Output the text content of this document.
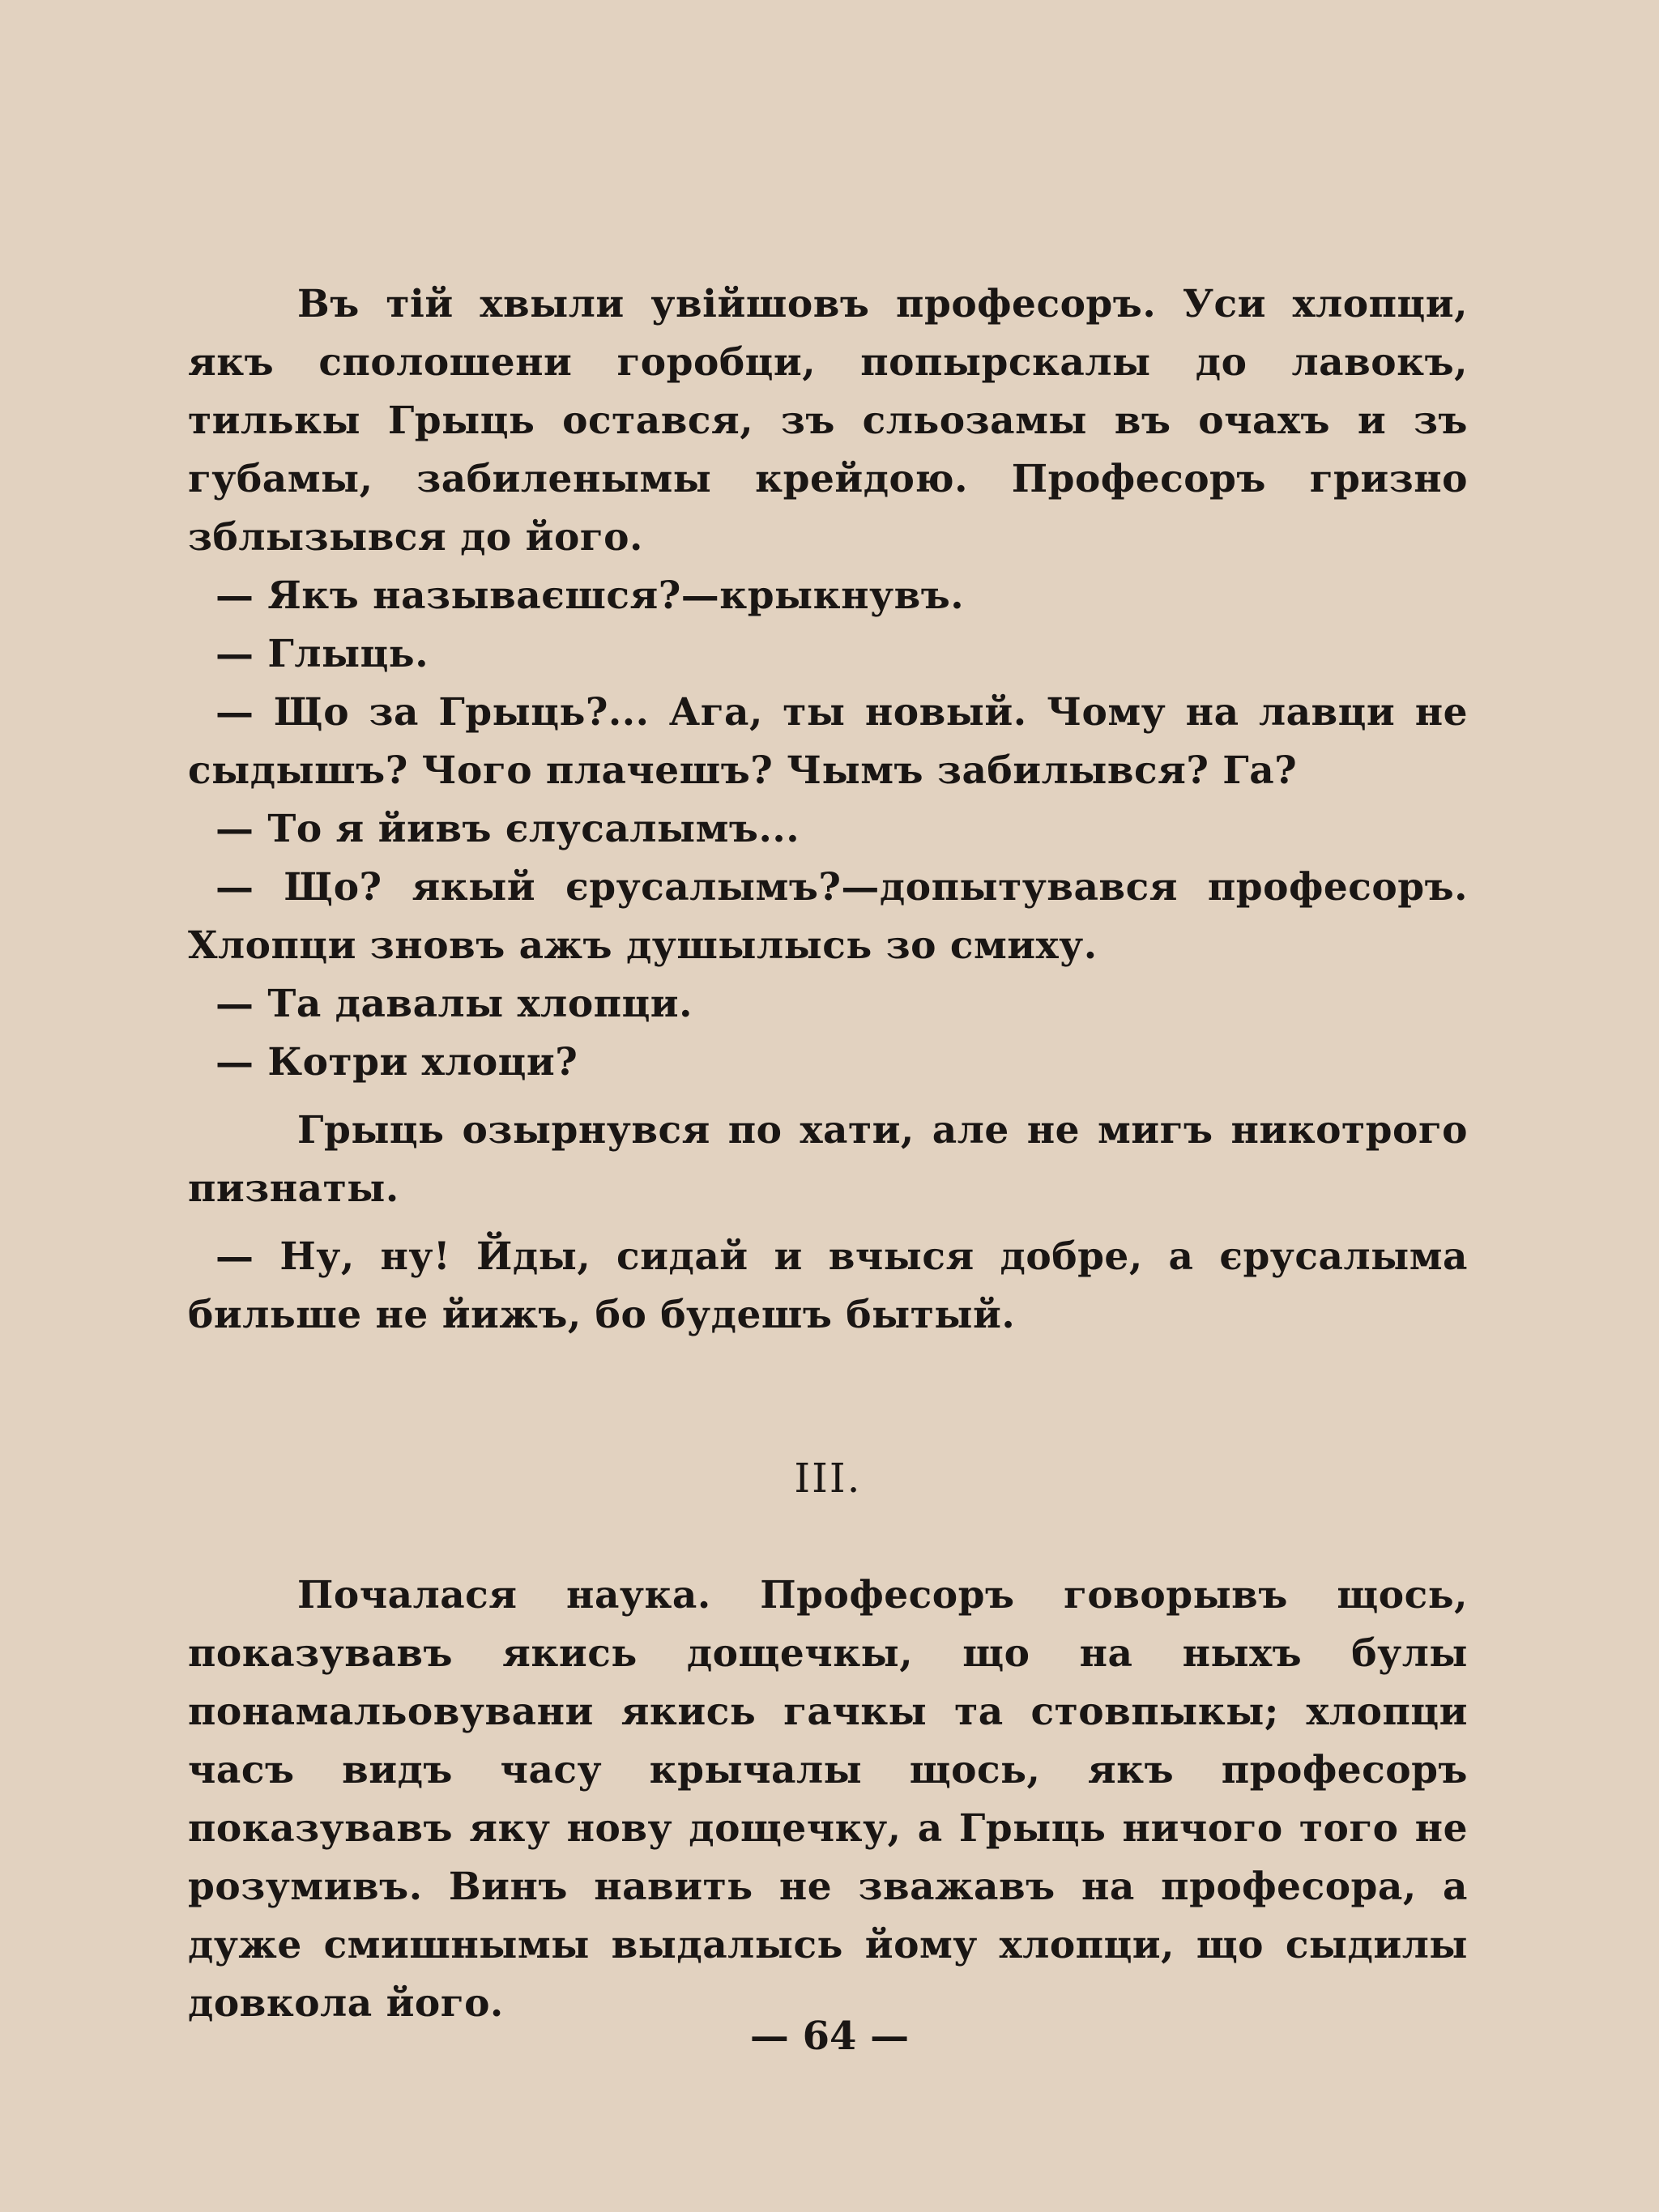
Въ тій хвыли увійшовъ професоръ. Уси хлопци, якъ сполошени горобци, попырскалы до лавокъ, тилькы Грыць остався, зъ сльозамы въ очахъ и зъ губамы, забиленымы крейдою. Професоръ гризно зблызывся до його.

— Якъ называєшся?—крыкнувъ.

— Глыць.

— Що за Грыць?... Ага, ты новый. Чому на лавци не сыдышъ? Чого плачешъ? Чымъ забилывся? Га?

— То я йивъ єлусалымъ...

— Що? якый єрусалымъ?—допытувався професоръ. Хлопци зновъ ажъ душылысь зо смиху.

— Та давалы хлопци.

— Котри хлоци?

Грыць озырнувся по хати, але не мигъ никотрого пизнаты.

— Ну, ну! Йды, сидай и вчыся добре, а єрусалыма бильше не йижъ, бо будешъ бытый.

III.

Почалася наука. Професоръ говорывъ щось, показувавъ якись дощечкы, що на ныхъ булы понамальовувани якись гачкы та стовпыкы; хлопци часъ видъ часу крычалы щось, якъ професоръ показувавъ яку нову дощечку, а Грыць ничого того не розумивъ. Винъ навить не зважавъ на професора, а дуже смишнымы выдалысь йому хлопци, що сыдилы довкола його.

— 64 —
